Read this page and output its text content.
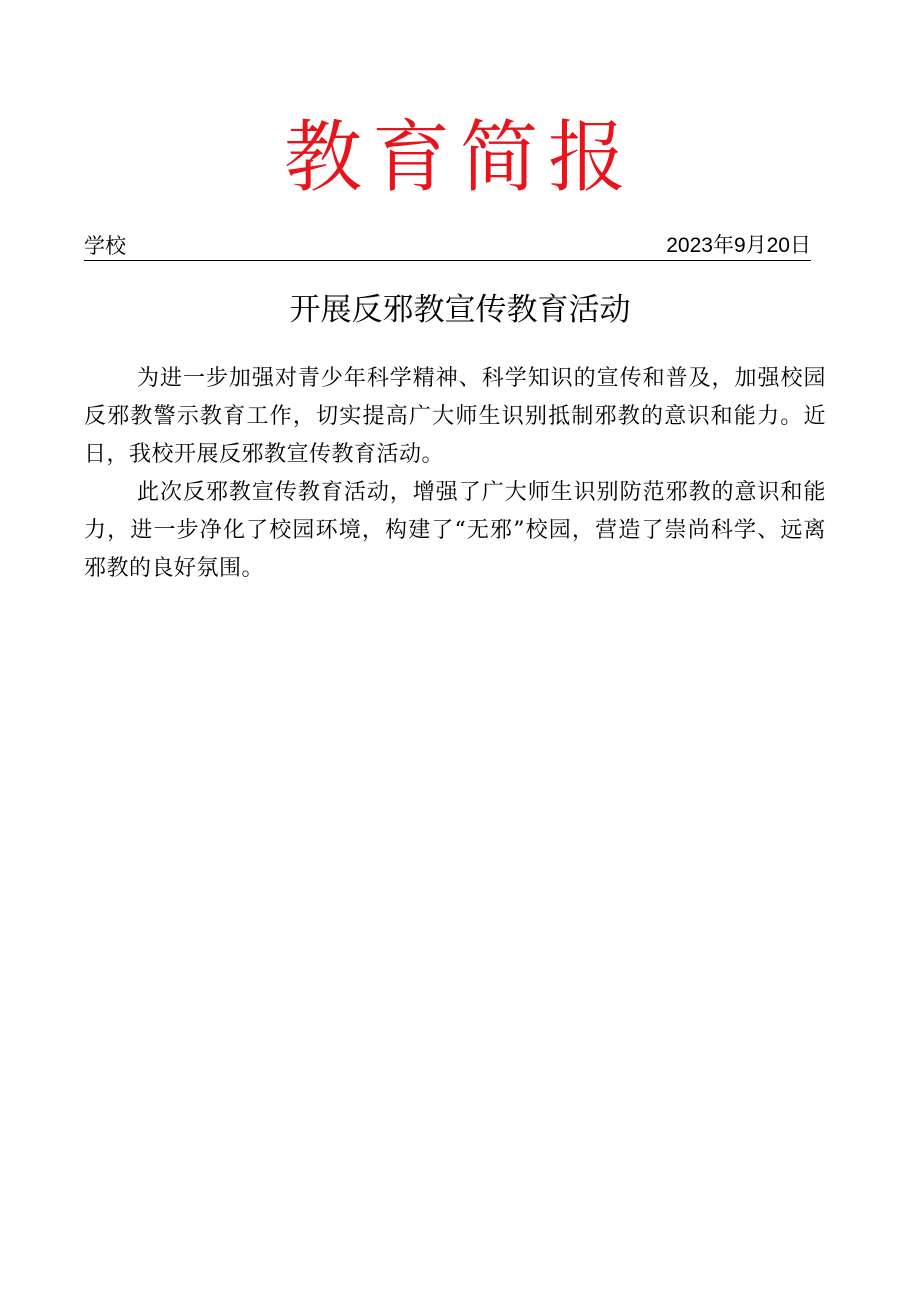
教育简报
学校	2023年9月20日
开展反邪教宣传教育活动

为进一步加强对青少年科学精神、科学知识的宣传和普及，加强校园反邪教警示教育工作，切实提高广大师生识别抵制邪教的意识和能力。近日，我校开展反邪教宣传教育活动。

此次反邪教宣传教育活动，增强了广大师生识别防范邪教的意识和能力，进一步净化了校园环境，构建了“无邪”校园，营造了崇尚科学、远离邪教的良好氛围。
